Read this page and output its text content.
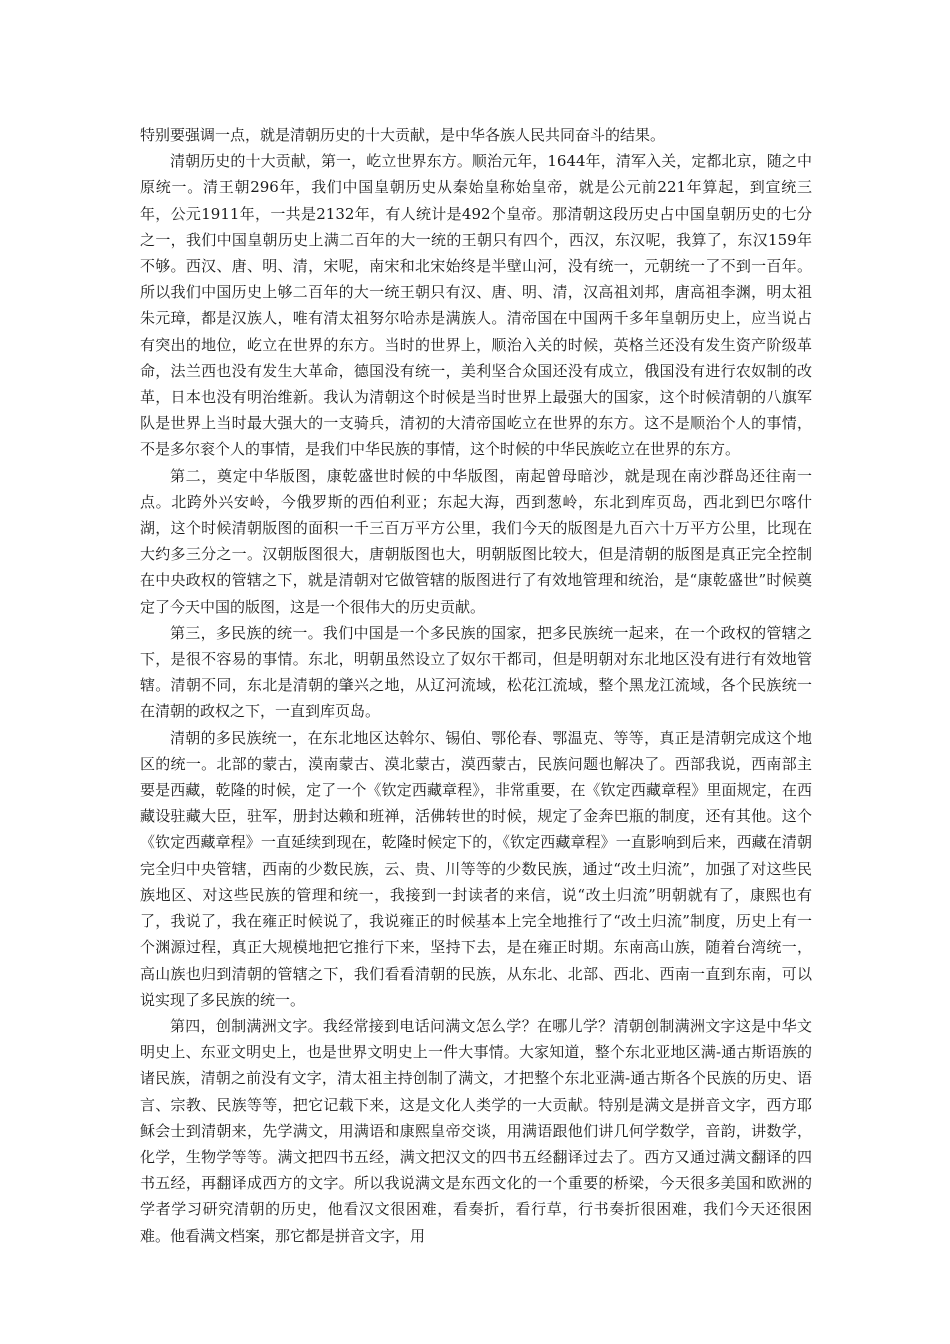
特别要强调一点，就是清朝历史的十大贡献，是中华各族人民共同奋斗的结果。

清朝历史的十大贡献，第一，屹立世界东方。顺治元年，1644年，清军入关，定都北京，随之中原统一。清王朝296年，我们中国皇朝历史从秦始皇称始皇帝，就是公元前221年算起，到宣统三年，公元1911年，一共是2132年，有人统计是492个皇帝。那清朝这段历史占中国皇朝历史的七分之一，我们中国皇朝历史上满二百年的大一统的王朝只有四个，西汉，东汉呢，我算了，东汉159年不够。西汉、唐、明、清，宋呢，南宋和北宋始终是半壁山河，没有统一，元朝统一了不到一百年。所以我们中国历史上够二百年的大一统王朝只有汉、唐、明、清，汉高祖刘邦，唐高祖李渊，明太祖朱元璋，都是汉族人，唯有清太祖努尔哈赤是满族人。清帝国在中国两千多年皇朝历史上，应当说占有突出的地位，屹立在世界的东方。当时的世界上，顺治入关的时候，英格兰还没有发生资产阶级革命，法兰西也没有发生大革命，德国没有统一，美利坚合众国还没有成立，俄国没有进行农奴制的改革，日本也没有明治维新。我认为清朝这个时候是当时世界上最强大的国家，这个时候清朝的八旗军队是世界上当时最大强大的一支骑兵，清初的大清帝国屹立在世界的东方。这不是顺治个人的事情，不是多尔衮个人的事情，是我们中华民族的事情，这个时候的中华民族屹立在世界的东方。

第二，奠定中华版图，康乾盛世时候的中华版图，南起曾母暗沙，就是现在南沙群岛还往南一点。北跨外兴安岭，今俄罗斯的西伯利亚；东起大海，西到葱岭，东北到库页岛，西北到巴尔喀什湖，这个时候清朝版图的面积一千三百万平方公里，我们今天的版图是九百六十万平方公里，比现在大约多三分之一。汉朝版图很大，唐朝版图也大，明朝版图比较大，但是清朝的版图是真正完全控制在中央政权的管辖之下，就是清朝对它做管辖的版图进行了有效地管理和统治，是“康乾盛世”时候奠定了今天中国的版图，这是一个很伟大的历史贡献。

第三，多民族的统一。我们中国是一个多民族的国家，把多民族统一起来，在一个政权的管辖之下，是很不容易的事情。东北，明朝虽然设立了奴尔干都司，但是明朝对东北地区没有进行有效地管辖。清朝不同，东北是清朝的肇兴之地，从辽河流域，松花江流域，整个黑龙江流域，各个民族统一在清朝的政权之下，一直到库页岛。

清朝的多民族统一，在东北地区达斡尔、锡伯、鄂伦春、鄂温克、等等，真正是清朝完成这个地区的统一。北部的蒙古，漠南蒙古、漠北蒙古，漠西蒙古，民族问题也解决了。西部我说，西南部主要是西藏，乾隆的时候，定了一个《钦定西藏章程》，非常重要，在《钦定西藏章程》里面规定，在西藏设驻藏大臣，驻军，册封达赖和班禅，活佛转世的时候，规定了金奔巴瓶的制度，还有其他。这个《钦定西藏章程》一直延续到现在，乾隆时候定下的，《钦定西藏章程》一直影响到后来，西藏在清朝完全归中央管辖，西南的少数民族，云、贵、川等等的少数民族，通过“改土归流”，加强了对这些民族地区、对这些民族的管理和统一，我接到一封读者的来信，说“改土归流”明朝就有了，康熙也有了，我说了，我在雍正时候说了，我说雍正的时候基本上完全地推行了“改土归流”制度，历史上有一个渊源过程，真正大规模地把它推行下来，坚持下去，是在雍正时期。东南高山族，随着台湾统一，高山族也归到清朝的管辖之下，我们看看清朝的民族，从东北、北部、西北、西南一直到东南，可以说实现了多民族的统一。

第四，创制满洲文字。我经常接到电话问满文怎么学？在哪儿学？清朝创制满洲文字这是中华文明史上、东亚文明史上，也是世界文明史上一件大事情。大家知道，整个东北亚地区满-通古斯语族的诸民族，清朝之前没有文字，清太祖主持创制了满文，才把整个东北亚满-通古斯各个民族的历史、语言、宗教、民族等等，把它记载下来，这是文化人类学的一大贡献。特别是满文是拼音文字，西方耶稣会士到清朝来，先学满文，用满语和康熙皇帝交谈，用满语跟他们讲几何学数学，音韵，讲数学，化学，生物学等等。满文把四书五经，满文把汉文的四书五经翻译过去了。西方又通过满文翻译的四书五经，再翻译成西方的文字。所以我说满文是东西文化的一个重要的桥梁，今天很多美国和欧洲的学者学习研究清朝的历史，他看汉文很困难，看奏折，看行草，行书奏折很困难，我们今天还很困难。他看满文档案，那它都是拼音文字，用
